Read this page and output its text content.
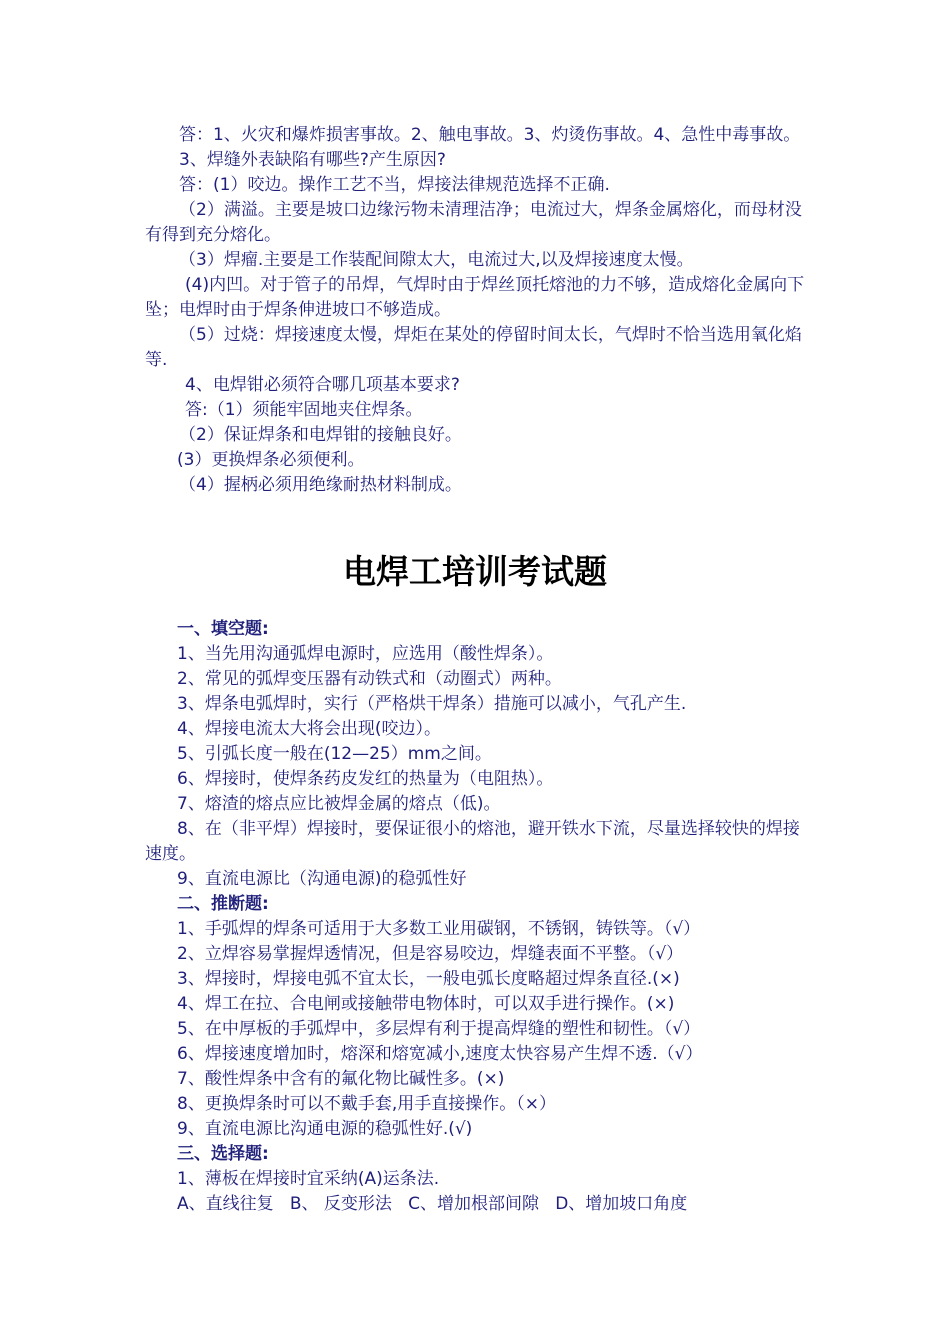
答：1、火灾和爆炸损害事故。2、触电事故。3、灼烫伤事故。4、急性中毒事故。

3、焊缝外表缺陷有哪些?产生原因?

答：(1）咬边。操作工艺不当，焊接法律规范选择不正确.

（2）满溢。主要是坡口边缘污物未清理洁净；电流过大，焊条金属熔化，而母材没有得到充分熔化。

（3）焊瘤.主要是工作装配间隙太大，电流过大,以及焊接速度太慢。

(4)内凹。对于管子的吊焊，气焊时由于焊丝顶托熔池的力不够，造成熔化金属向下坠；电焊时由于焊条伸进坡口不够造成。

（5）过烧：焊接速度太慢，焊炬在某处的停留时间太长，气焊时不恰当选用氧化焰等.

4、电焊钳必须符合哪几项基本要求?

答:（1）须能牢固地夹住焊条。

（2）保证焊条和电焊钳的接触良好。

(3）更换焊条必须便利。

（4）握柄必须用绝缘耐热材料制成。

电焊工培训考试题

一、填空题:

1、当先用沟通弧焊电源时，应选用（酸性焊条）。

2、常见的弧焊变压器有动铁式和（动圈式）两种。

3、焊条电弧焊时，实行（严格烘干焊条）措施可以减小，气孔产生.

4、焊接电流太大将会出现(咬边）。

5、引弧长度一般在(12—25）mm之间。

6、焊接时，使焊条药皮发红的热量为（电阻热）。

7、熔渣的熔点应比被焊金属的熔点（低)。

8、在（非平焊）焊接时，要保证很小的熔池，避开铁水下流，尽量选择较快的焊接速度。

9、直流电源比（沟通电源)的稳弧性好

二、推断题:

1、手弧焊的焊条可适用于大多数工业用碳钢，不锈钢，铸铁等。（√）

2、立焊容易掌握焊透情况，但是容易咬边，焊缝表面不平整。（√）

3、焊接时，焊接电弧不宜太长，一般电弧长度略超过焊条直径.(×)

4、焊工在拉、合电闸或接触带电物体时，可以双手进行操作。(×)

5、在中厚板的手弧焊中，多层焊有利于提高焊缝的塑性和韧性。（√）

6、焊接速度增加时，熔深和熔宽减小,速度太快容易产生焊不透.（√）

7、酸性焊条中含有的氟化物比碱性多。(×)

8、更换焊条时可以不戴手套,用手直接操作。（×）

9、直流电源比沟通电源的稳弧性好.(√)

三、选择题:

1、薄板在焊接时宜采纳(A)运条法.

A、直线往复   B、 反变形法   C、增加根部间隙   D、增加坡口角度
